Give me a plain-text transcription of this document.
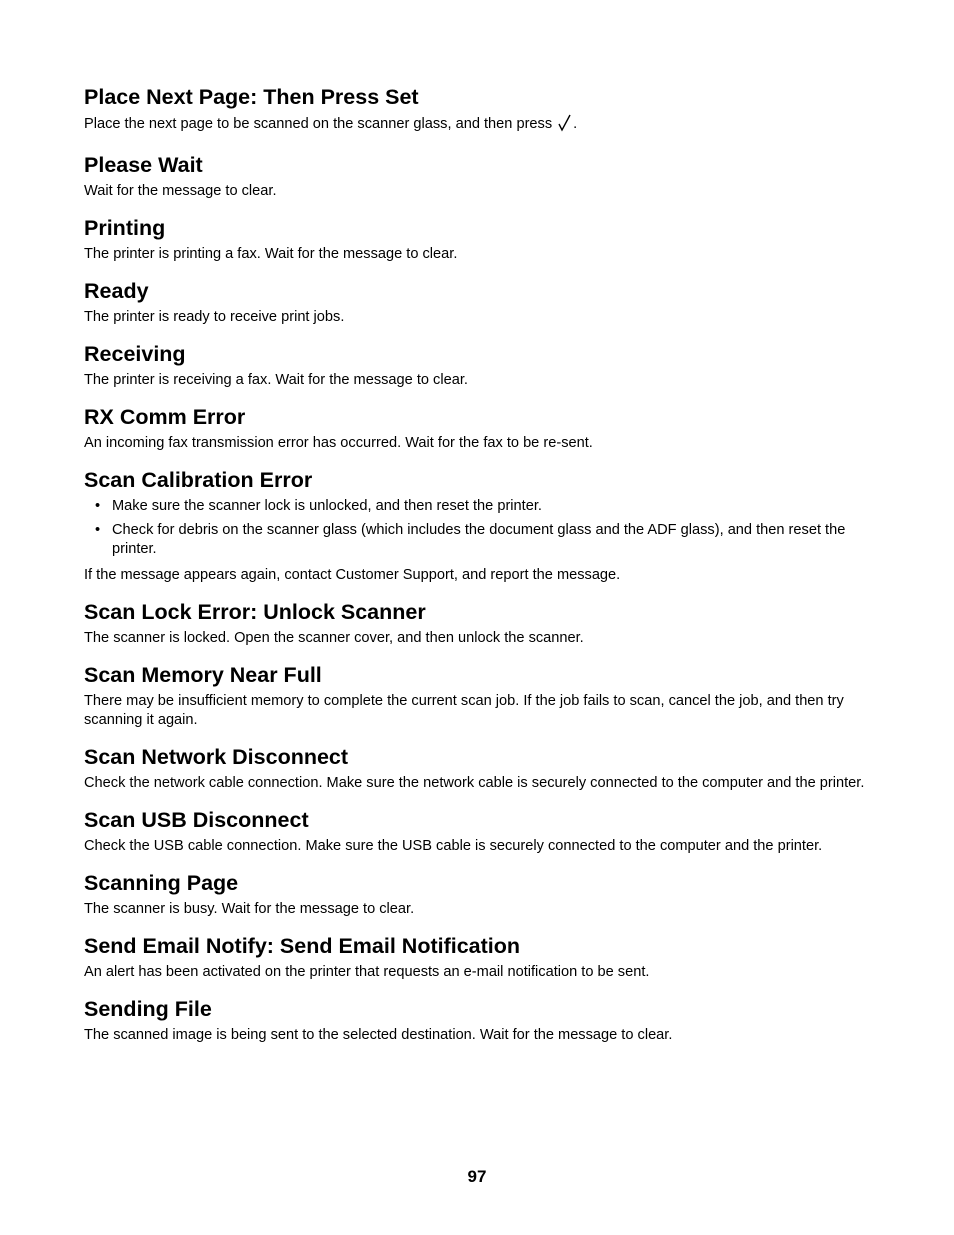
Place Next Page: Then Press Set

Place the next page to be scanned on the scanner glass, and then press .

Please Wait

Wait for the message to clear.

Printing

The printer is printing a fax. Wait for the message to clear.

Ready

The printer is ready to receive print jobs.

Receiving

The printer is receiving a fax. Wait for the message to clear.

RX Comm Error

An incoming fax transmission error has occurred. Wait for the fax to be re-sent.

Scan Calibration Error
• Make sure the scanner lock is unlocked, and then reset the printer.
• Check for debris on the scanner glass (which includes the document glass and the ADF glass), and then reset the printer.

If the message appears again, contact Customer Support, and report the message.

Scan Lock Error: Unlock Scanner

The scanner is locked. Open the scanner cover, and then unlock the scanner.

Scan Memory Near Full

There may be insufficient memory to complete the current scan job. If the job fails to scan, cancel the job, and then try scanning it again.

Scan Network Disconnect

Check the network cable connection. Make sure the network cable is securely connected to the computer and the printer.

Scan USB Disconnect

Check the USB cable connection. Make sure the USB cable is securely connected to the computer and the printer.

Scanning Page

The scanner is busy. Wait for the message to clear.

Send Email Notify: Send Email Notification

An alert has been activated on the printer that requests an e-mail notification to be sent.

Sending File

The scanned image is being sent to the selected destination. Wait for the message to clear.

97
